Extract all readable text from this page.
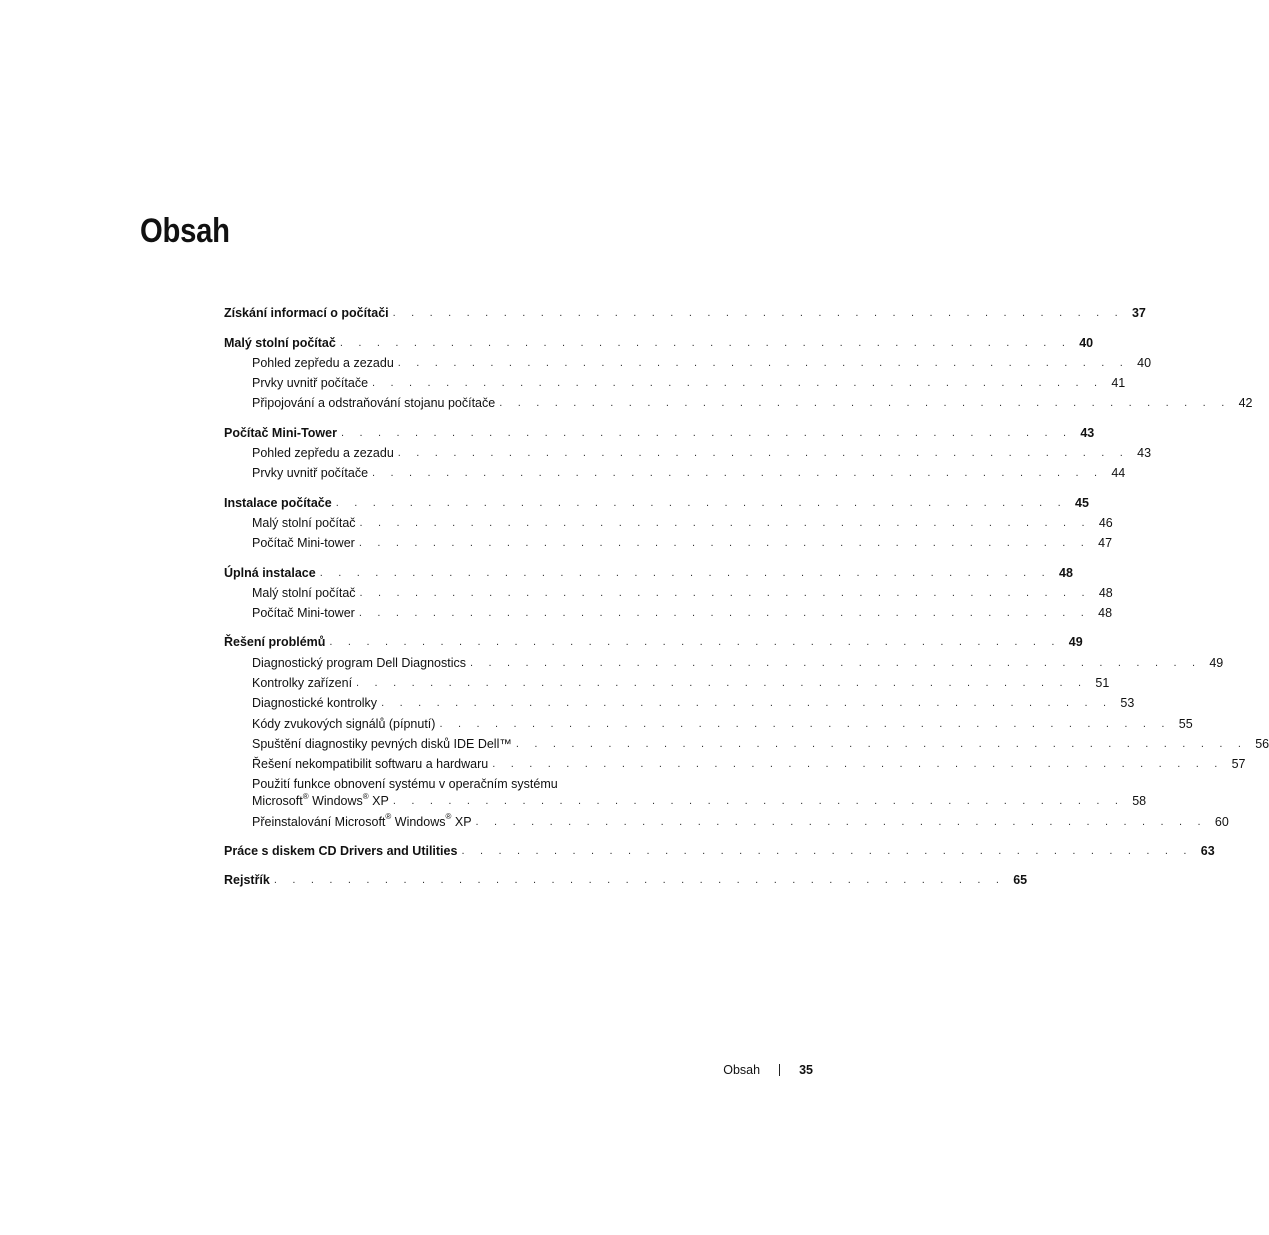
Obsah
Získání informací o počítači . . . . . . . . . . . . . . . . . . . . . . . . . . . . . . . . . . . . . . . . 37
Malý stolní počítač . . . . . . . . . . . . . . . . . . . . . . . . . . . . . . . . . . . . . . . . 40
Pohled zepředu a zezadu . . . . . . . . . . . . . . . . . . . . . . . . . . . . . . . . . . . . . . . . 40
Prvky uvnitř počítače . . . . . . . . . . . . . . . . . . . . . . . . . . . . . . . . . . . . . . . . 41
Připojování a odstraňování stojanu počítače . . . . . . . . . . . . . . . . . . . . . . . . . . . . . . . . . . . . . . . . 42
Počítač Mini-Tower . . . . . . . . . . . . . . . . . . . . . . . . . . . . . . . . . . . . . . . . 43
Pohled zepředu a zezadu . . . . . . . . . . . . . . . . . . . . . . . . . . . . . . . . . . . . . . . . 43
Prvky uvnitř počítače . . . . . . . . . . . . . . . . . . . . . . . . . . . . . . . . . . . . . . . . 44
Instalace počítače . . . . . . . . . . . . . . . . . . . . . . . . . . . . . . . . . . . . . . . . 45
Malý stolní počítač . . . . . . . . . . . . . . . . . . . . . . . . . . . . . . . . . . . . . . . . 46
Počítač Mini-tower . . . . . . . . . . . . . . . . . . . . . . . . . . . . . . . . . . . . . . . . 47
Úplná instalace . . . . . . . . . . . . . . . . . . . . . . . . . . . . . . . . . . . . . . . . 48
Malý stolní počítač . . . . . . . . . . . . . . . . . . . . . . . . . . . . . . . . . . . . . . . . 48
Počítač Mini-tower . . . . . . . . . . . . . . . . . . . . . . . . . . . . . . . . . . . . . . . . 48
Řešení problémů . . . . . . . . . . . . . . . . . . . . . . . . . . . . . . . . . . . . . . . . 49
Diagnostický program Dell Diagnostics . . . . . . . . . . . . . . . . . . . . . . . . . . . . . . . . . . . . . . . . 49
Kontrolky zařízení . . . . . . . . . . . . . . . . . . . . . . . . . . . . . . . . . . . . . . . . 51
Diagnostické kontrolky . . . . . . . . . . . . . . . . . . . . . . . . . . . . . . . . . . . . . . . . 53
Kódy zvukových signálů (pípnutí) . . . . . . . . . . . . . . . . . . . . . . . . . . . . . . . . . . . . . . . . 55
Spuštění diagnostiky pevných disků IDE Dell™ . . . . . . . . . . . . . . . . . . . . . . . . . . . . . . . . . . . . . . . . 56
Řešení nekompatibilit softwaru a hardwaru . . . . . . . . . . . . . . . . . . . . . . . . . . . . . . . . . . . . . . . . 57
Použití funkce obnovení systému v operačním systému
Microsoft® Windows® XP . . . . . . . . . . . . . . . . . . . . . . . . . . . . . . . . . . . . . . . . 58
Přeinstalování Microsoft® Windows® XP . . . . . . . . . . . . . . . . . . . . . . . . . . . . . . . . . . . . . . . . 60
Práce s diskem CD Drivers and Utilities . . . . . . . . . . . . . . . . . . . . . . . . . . . . . . . . . . . . . . . . 63
Rejstřík . . . . . . . . . . . . . . . . . . . . . . . . . . . . . . . . . . . . . . . . 65
Obsah	35
